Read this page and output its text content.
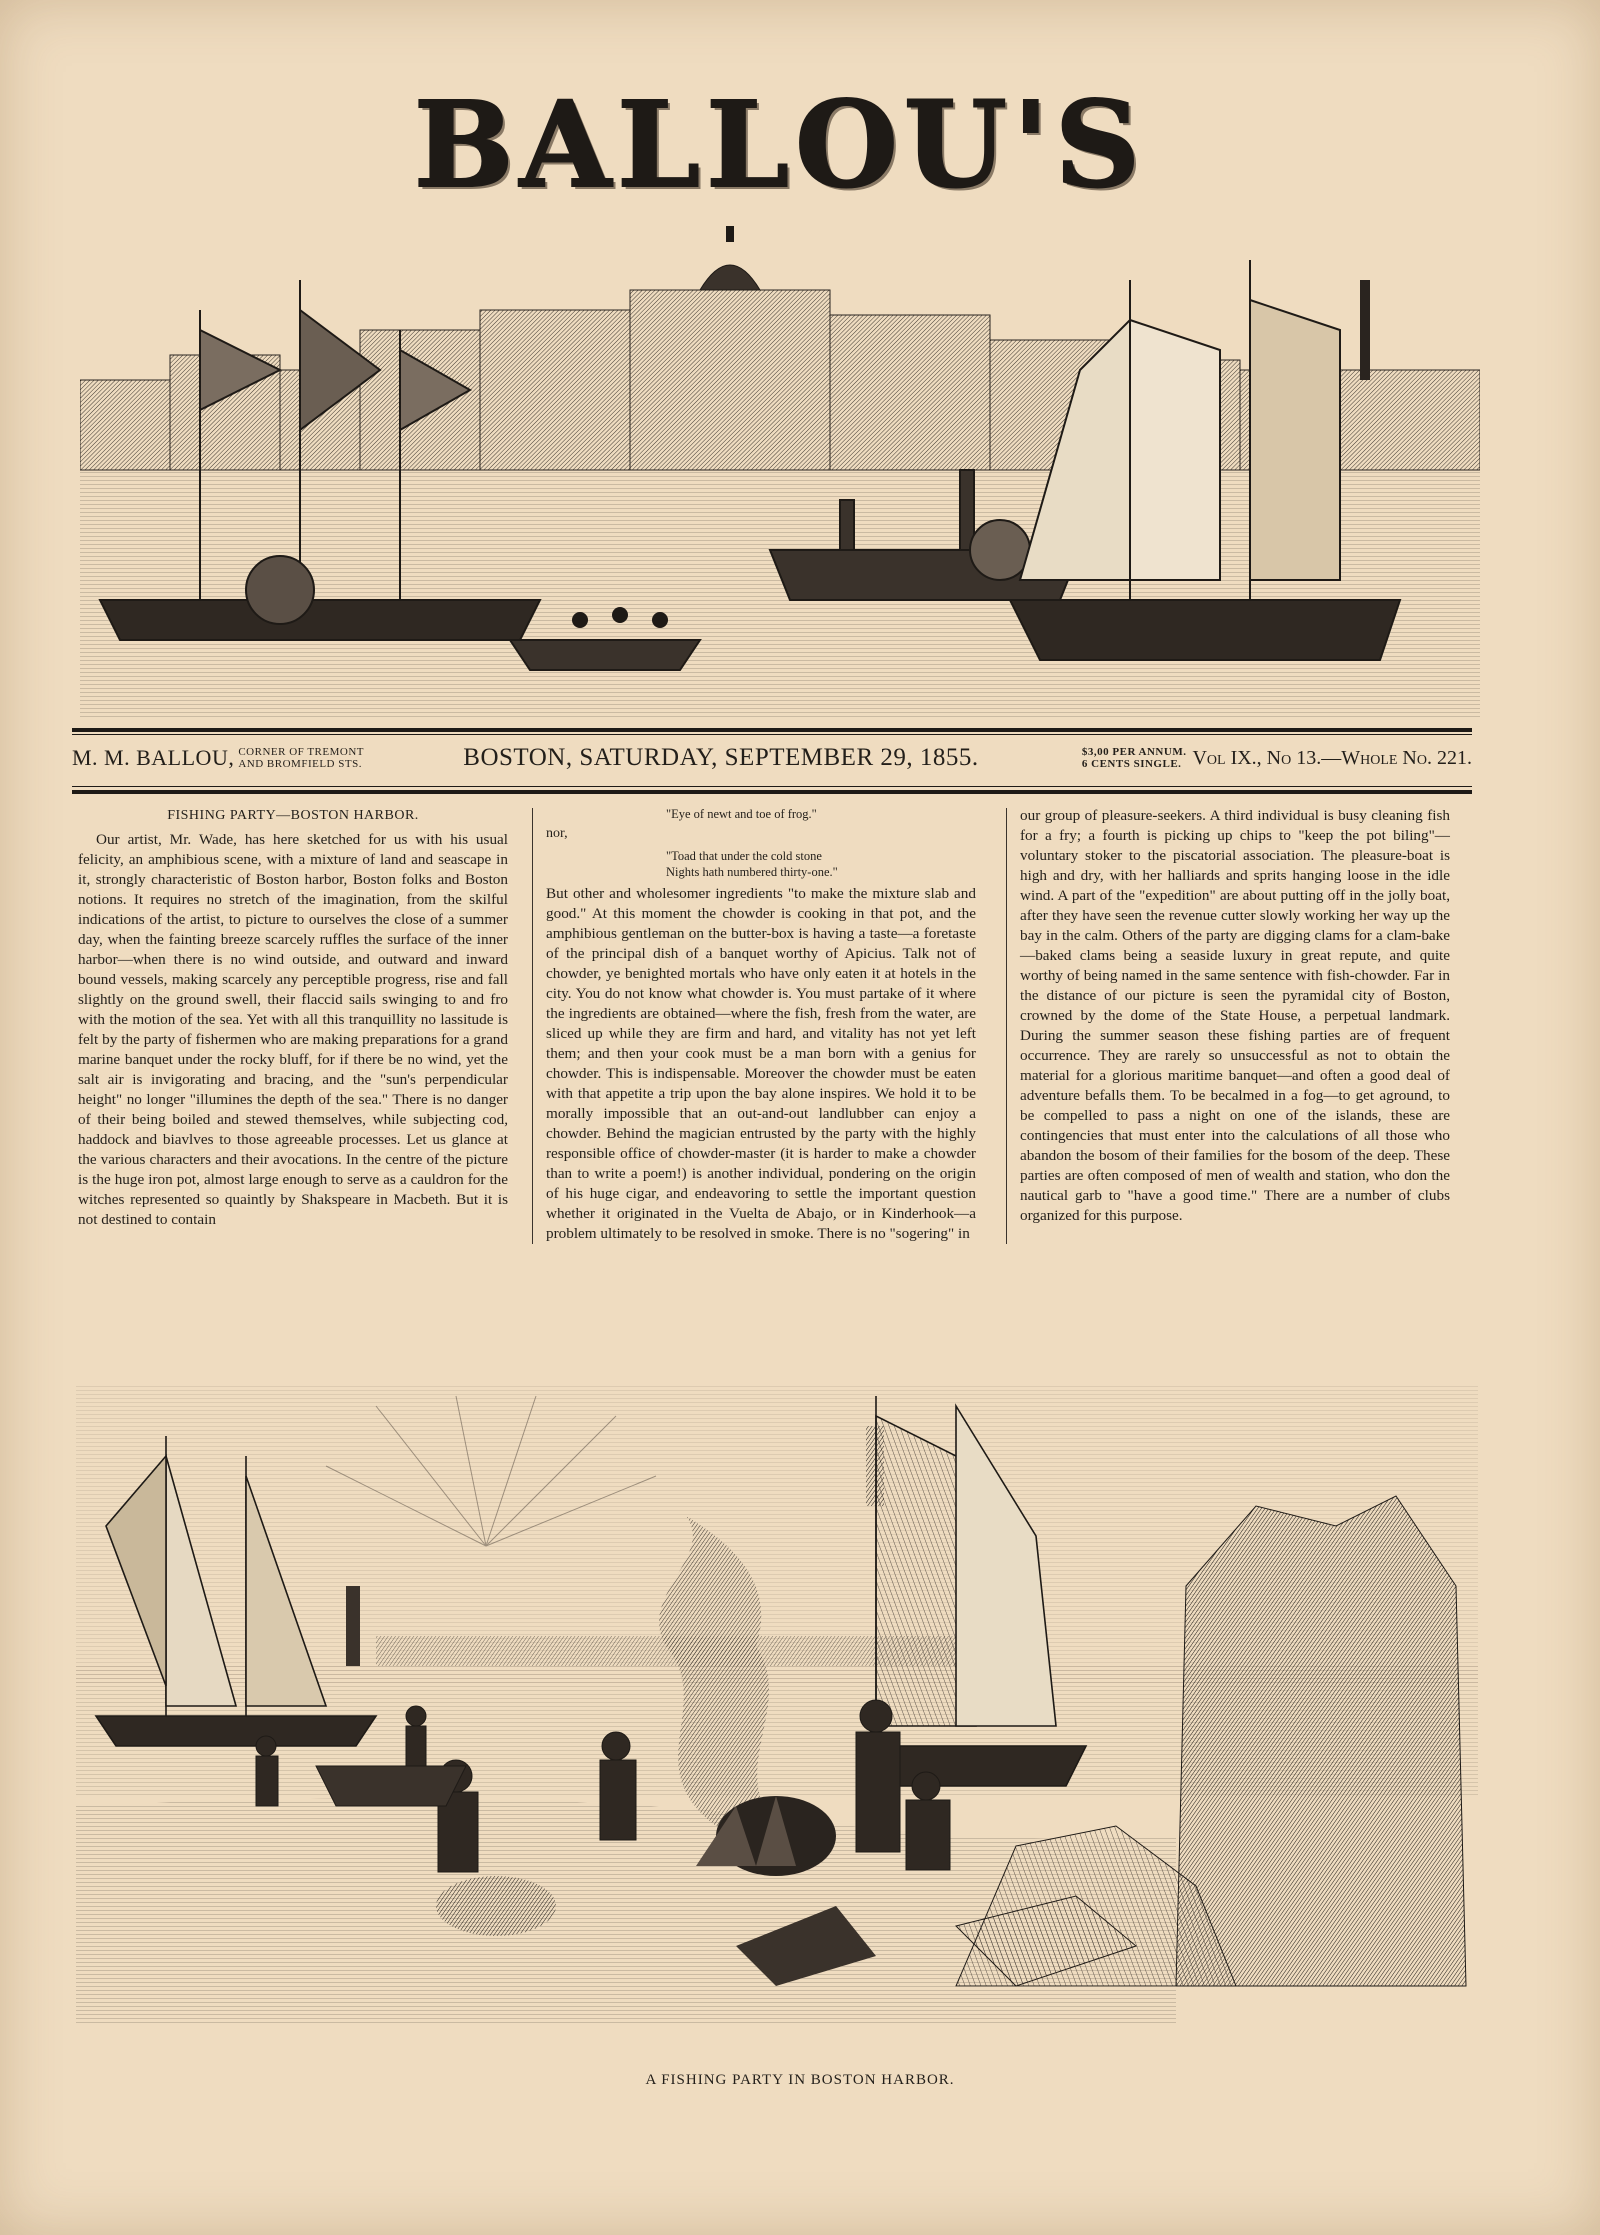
BALLOU'S
M. M. BALLOU, CORNER OF TREMONT
AND BROMFIELD STS.	BOSTON, SATURDAY, SEPTEMBER 29, 1855.	$3,00 PER ANNUM.
6 CENTS SINGLE. Vol IX., No 13.—Whole No. 221.
FISHING PARTY—BOSTON HARBOR.

Our artist, Mr. Wade, has here sketched for us with his usual felicity, an amphibious scene, with a mixture of land and seascape in it, strongly characteristic of Boston harbor, Boston folks and Boston notions. It requires no stretch of the imagination, from the skilful indications of the artist, to picture to ourselves the close of a summer day, when the fainting breeze scarcely ruffles the surface of the inner harbor—when there is no wind outside, and outward and inward bound vessels, making scarcely any perceptible progress, rise and fall slightly on the ground swell, their flaccid sails swinging to and fro with the motion of the sea. Yet with all this tranquillity no lassitude is felt by the party of fishermen who are making preparations for a grand marine banquet under the rocky bluff, for if there be no wind, yet the salt air is invigorating and bracing, and the "sun's perpendicular height" no longer "illumines the depth of the sea." There is no danger of their being boiled and stewed themselves, while subjecting cod, haddock and biavlves to those agreeable processes. Let us glance at the various characters and their avocations. In the centre of the picture is the huge iron pot, almost large enough to serve as a cauldron for the witches represented so quaintly by Shakspeare in Macbeth. But it is not destined to contain

"Eye of newt and toe of frog."
nor,
"Toad that under the cold stone
Nights hath numbered thirty-one."

But other and wholesomer ingredients "to make the mixture slab and good." At this moment the chowder is cooking in that pot, and the amphibious gentleman on the butter-box is having a taste—a foretaste of the principal dish of a banquet worthy of Apicius. Talk not of chowder, ye benighted mortals who have only eaten it at hotels in the city. You do not know what chowder is. You must partake of it where the ingredients are obtained—where the fish, fresh from the water, are sliced up while they are firm and hard, and vitality has not yet left them; and then your cook must be a man born with a genius for chowder. This is indispensable. Moreover the chowder must be eaten with that appetite a trip upon the bay alone inspires. We hold it to be morally impossible that an out-and-out landlubber can enjoy a chowder. Behind the magician entrusted by the party with the highly responsible office of chowder-master (it is harder to make a chowder than to write a poem!) is another individual, pondering on the origin of his huge cigar, and endeavoring to settle the important question whether it originated in the Vuelta de Abajo, or in Kinderhook—a problem ultimately to be resolved in smoke. There is no "sogering" in

our group of pleasure-seekers. A third individual is busy cleaning fish for a fry; a fourth is picking up chips to "keep the pot biling"—voluntary stoker to the piscatorial association. The pleasure-boat is high and dry, with her halliards and sprits hanging loose in the idle wind. A part of the "expedition" are about putting off in the jolly boat, after they have seen the revenue cutter slowly working her way up the bay in the calm. Others of the party are digging clams for a clam-bake—baked clams being a seaside luxury in great repute, and quite worthy of being named in the same sentence with fish-chowder. Far in the distance of our picture is seen the pyramidal city of Boston, crowned by the dome of the State House, a perpetual landmark. During the summer season these fishing parties are of frequent occurrence. They are rarely so unsuccessful as not to obtain the material for a glorious maritime banquet—and often a good deal of adventure befalls them. To be becalmed in a fog—to get aground, to be compelled to pass a night on one of the islands, these are contingencies that must enter into the calculations of all those who abandon the bosom of their families for the bosom of the deep. These parties are often composed of men of wealth and station, who don the nautical garb to "have a good time." There are a number of clubs organized for this purpose.

A FISHING PARTY IN BOSTON HARBOR.
